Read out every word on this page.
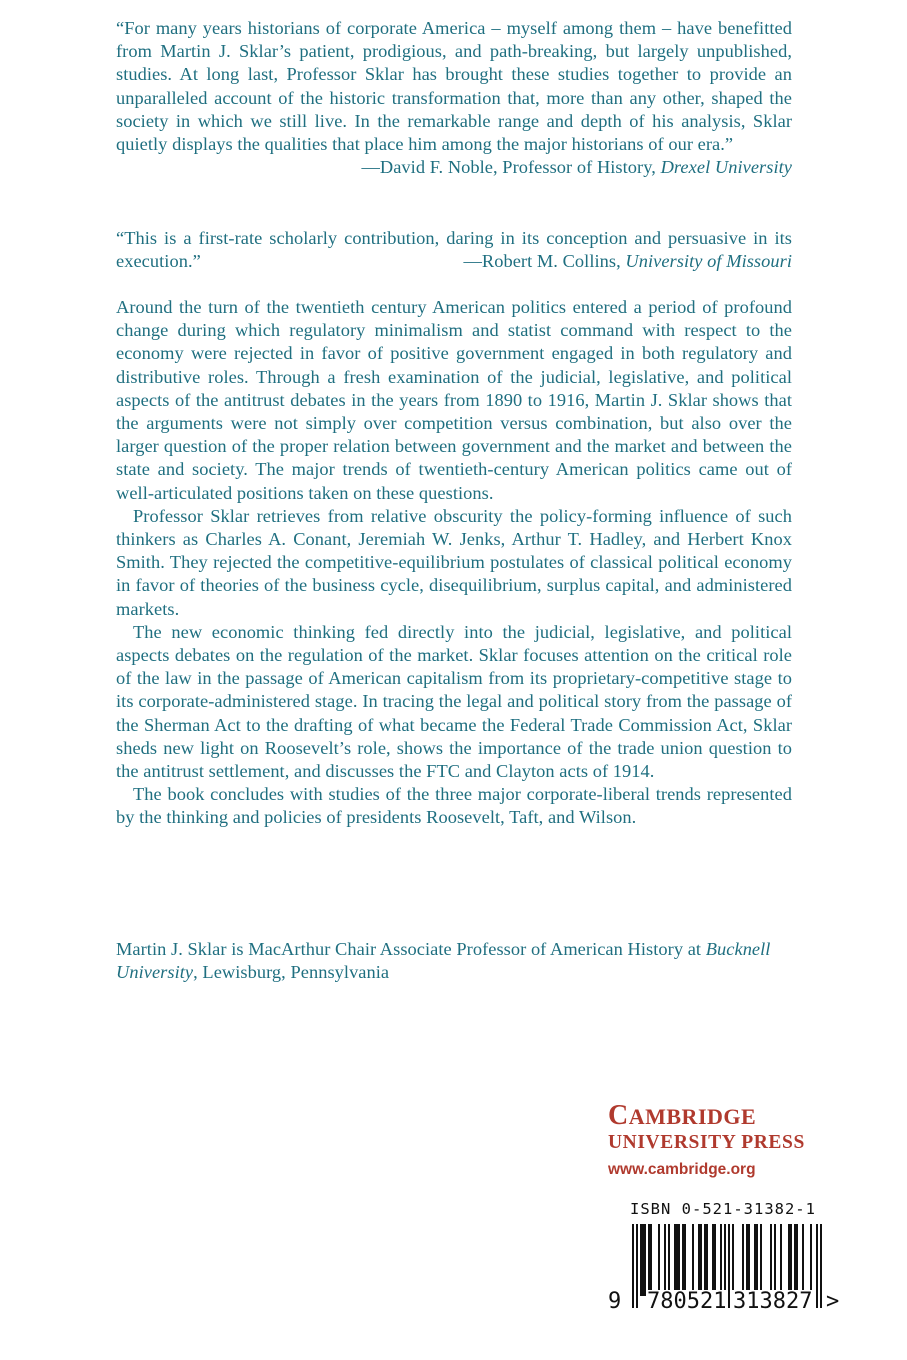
“For many years historians of corporate America – myself among them – have benefitted from Martin J. Sklar’s patient, prodigious, and path-breaking, but largely unpublished, studies. At long last, Professor Sklar has brought these studies together to provide an unparalleled account of the historic transformation that, more than any other, shaped the society in which we still live. In the remarkable range and depth of his analysis, Sklar quietly displays the qualities that place him among the major historians of our era.”

—David F. Noble, Professor of History, Drexel University

“This is a first-rate scholarly contribution, daring in its conception and persuasive in its execution.”	—Robert M. Collins, University of Missouri

Around the turn of the twentieth century American politics entered a period of profound change during which regulatory minimalism and statist command with respect to the economy were rejected in favor of positive government engaged in both regulatory and distributive roles. Through a fresh examination of the judicial, legislative, and political aspects of the antitrust debates in the years from 1890 to 1916, Martin J. Sklar shows that the arguments were not simply over competition versus combination, but also over the larger question of the proper relation between government and the market and between the state and society. The major trends of twentieth-century American politics came out of well-articulated positions taken on these questions.

Professor Sklar retrieves from relative obscurity the policy-forming influence of such thinkers as Charles A. Conant, Jeremiah W. Jenks, Arthur T. Hadley, and Herbert Knox Smith. They rejected the competitive-equilibrium postulates of classical political economy in favor of theories of the business cycle, disequilibrium, surplus capital, and administered markets.

The new economic thinking fed directly into the judicial, legislative, and political aspects debates on the regulation of the market. Sklar focuses attention on the critical role of the law in the passage of American capitalism from its proprietary-competitive stage to its corporate-administered stage. In tracing the legal and political story from the passage of the Sherman Act to the drafting of what became the Federal Trade Commission Act, Sklar sheds new light on Roosevelt’s role, shows the importance of the trade union question to the antitrust settlement, and discusses the FTC and Clayton acts of 1914.

The book concludes with studies of the three major corporate-liberal trends represented by the thinking and policies of presidents Roosevelt, Taft, and Wilson.

Martin J. Sklar is MacArthur Chair Associate Professor of American History at Bucknell University, Lewisburg, Pennsylvania

CAMBRIDGE
UNIVERSITY PRESS
www.cambridge.org
ISBN 0-521-31382-1
9 780521 313827 >
